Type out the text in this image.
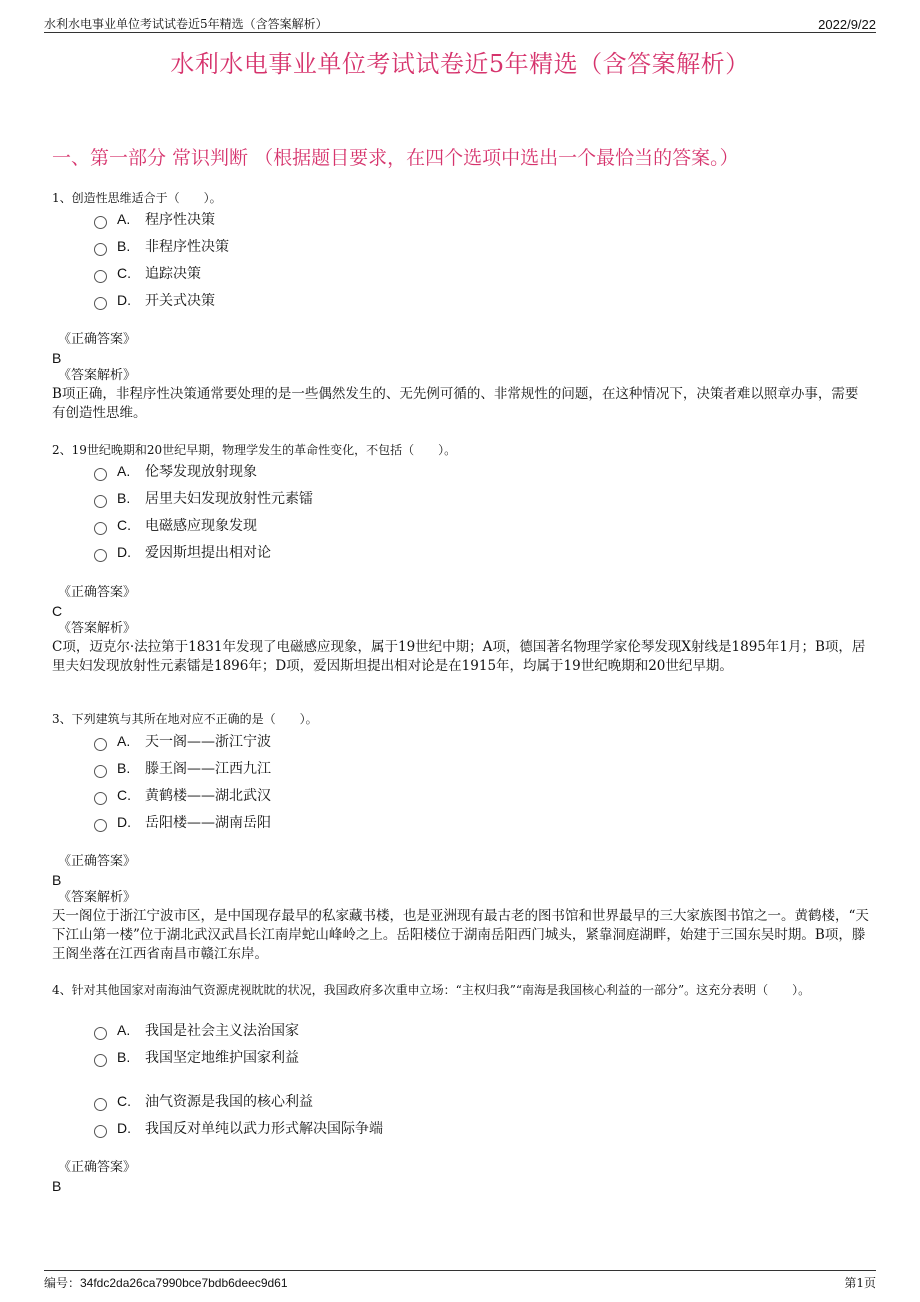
水利水电事业单位考试试卷近5年精选（含答案解析）	2022/9/22
水利水电事业单位考试试卷近5年精选（含答案解析）
一、第一部分 常识判断 （根据题目要求，在四个选项中选出一个最恰当的答案。）

1、创造性思维适合于（　　）。

A.	程序性决策
B.	非程序性决策
C.	追踪决策
D.	开关式决策
《正确答案》
B
《答案解析》

B项正确，非程序性决策通常要处理的是一些偶然发生的、无先例可循的、非常规性的问题，在这种情况下，决策者难以照章办事，需要有创造性思维。

2、19世纪晚期和20世纪早期，物理学发生的革命性变化，不包括（　　）。

A.	伦琴发现放射现象
B.	居里夫妇发现放射性元素镭
C.	电磁感应现象发现
D.	爱因斯坦提出相对论
《正确答案》
C
《答案解析》

C项，迈克尔·法拉第于1831年发现了电磁感应现象，属于19世纪中期；A项，德国著名物理学家伦琴发现X射线是1895年1月；B项，居里夫妇发现放射性元素镭是1896年；D项，爱因斯坦提出相对论是在1915年，均属于19世纪晚期和20世纪早期。

3、下列建筑与其所在地对应不正确的是（　　）。

A.	天一阁——浙江宁波
B.	滕王阁——江西九江
C.	黄鹤楼——湖北武汉
D.	岳阳楼——湖南岳阳
《正确答案》
B
《答案解析》

天一阁位于浙江宁波市区，是中国现存最早的私家藏书楼，也是亚洲现有最古老的图书馆和世界最早的三大家族图书馆之一。黄鹤楼，“天下江山第一楼”位于湖北武汉武昌长江南岸蛇山峰岭之上。岳阳楼位于湖南岳阳西门城头，紧靠洞庭湖畔，始建于三国东吴时期。B项，滕王阁坐落在江西省南昌市赣江东岸。

4、针对其他国家对南海油气资源虎视眈眈的状况，我国政府多次重申立场：“主权归我”“南海是我国核心利益的一部分”。这充分表明（　　）。

A.	我国是社会主义法治国家
B.	我国坚定地维护国家利益
C.	油气资源是我国的核心利益
D.	我国反对单纯以武力形式解决国际争端
《正确答案》
B
编号：34fdc2da26ca7990bce7bdb6deec9d61	第1页
